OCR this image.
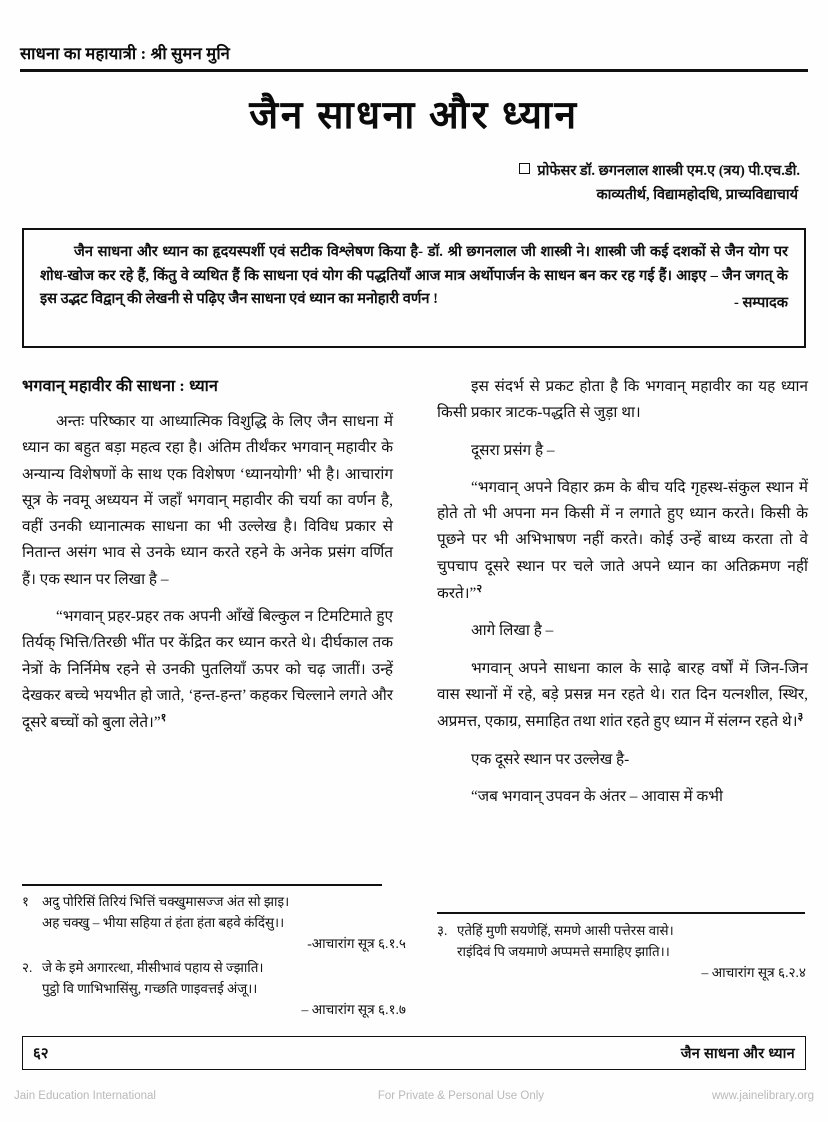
साधना का महायात्री : श्री सुमन मुनि
जैन साधना और ध्यान
प्रोफेसर डॉ. छगनलाल शास्त्री एम.ए (त्रय) पी.एच.डी.
काव्यतीर्थ, विद्यामहोदधि, प्राच्यविद्याचार्य
जैन साधना और ध्यान का हृदयस्पर्शी एवं सटीक विश्लेषण किया है- डॉ. श्री छगनलाल जी शास्त्री ने। शास्त्री जी कई दशकों से जैन योग पर शोध-खोज कर रहे हैं, किंतु वे व्यथित हैं कि साधना एवं योग की पद्धतियाँ आज मात्र अर्थोपार्जन के साधन बन कर रह गई हैं। आइए – जैन जगत् के इस उद्भट विद्वान् की लेखनी से पढ़िए जैन साधना एवं ध्यान का मनोहारी वर्णन !	- सम्पादक
भगवान् महावीर की साधना : ध्यान

अन्तः परिष्कार या आध्यात्मिक विशुद्धि के लिए जैन साधना में ध्यान का बहुत बड़ा महत्व रहा है। अंतिम तीर्थंकर भगवान् महावीर के अन्यान्य विशेषणों के साथ एक विशेषण ‘ध्यानयोगी’ भी है। आचारांग सूत्र के नवमू अध्ययन में जहाँ भगवान् महावीर की चर्या का वर्णन है, वहीं उनकी ध्यानात्मक साधना का भी उल्लेख है। विविध प्रकार से नितान्त असंग भाव से उनके ध्यान करते रहने के अनेक प्रसंग वर्णित हैं। एक स्थान पर लिखा है –

“भगवान् प्रहर-प्रहर तक अपनी आँखें बिल्कुल न टिमटिमाते हुए तिर्यक् भित्ति/तिरछी भींत पर केंद्रित कर ध्यान करते थे। दीर्घकाल तक नेत्रों के निर्निमेष रहने से उनकी पुतलियाँ ऊपर को चढ़ जातीं। उन्हें देखकर बच्चे भयभीत हो जाते, ‘हन्त-हन्त’ कहकर चिल्लाने लगते और दूसरे बच्चों को बुला लेते।”$^१$

इस संदर्भ से प्रकट होता है कि भगवान् महावीर का यह ध्यान किसी प्रकार त्राटक-पद्धति से जुड़ा था।

दूसरा प्रसंग है –

“भगवान् अपने विहार क्रम के बीच यदि गृहस्थ-संकुल स्थान में होते तो भी अपना मन किसी में न लगाते हुए ध्यान करते। किसी के पूछने पर भी अभिभाषण नहीं करते। कोई उन्हें बाध्य करता तो वे चुपचाप दूसरे स्थान पर चले जाते अपने ध्यान का अतिक्रमण नहीं करते।”$^२$

आगे लिखा है –

भगवान् अपने साधना काल के साढ़े बारह वर्षों में जिन-जिन वास स्थानों में रहे, बड़े प्रसन्न मन रहते थे। रात दिन यत्नशील, स्थिर, अप्रमत्त, एकाग्र, समाहित तथा शांत रहते हुए ध्यान में संलग्न रहते थे।$^३$

एक दूसरे स्थान पर उल्लेख है-

“जब भगवान् उपवन के अंतर – आवास में कभी

१ अदु पोरिसिं तिरियं भित्तिं चक्खुमासज्ज अंत सो झाइ।
अह चक्खु – भीया सहिया तं हंता हंता बहवे कंदिंसु।।
-आचारांग सूत्र ६.१.५
२. जे के इमे अगारत्था, मीसीभावं पहाय से ज्झाति।
पुट्ठो वि णाभिभासिंसु, गच्छति णाइवत्तई अंजू।।
– आचारांग सूत्र ६.१.७
३. एतेहिं मुणी सयणेहिं, समणे आसी पत्तेरस वासे।
राइंदिवं पि जयमाणे अप्पमत्ते समाहिए झाति।।
– आचारांग सूत्र ६.२.४
६२	जैन साधना और ध्यान
Jain Education International	For Private & Personal Use Only	www.jainelibrary.org
